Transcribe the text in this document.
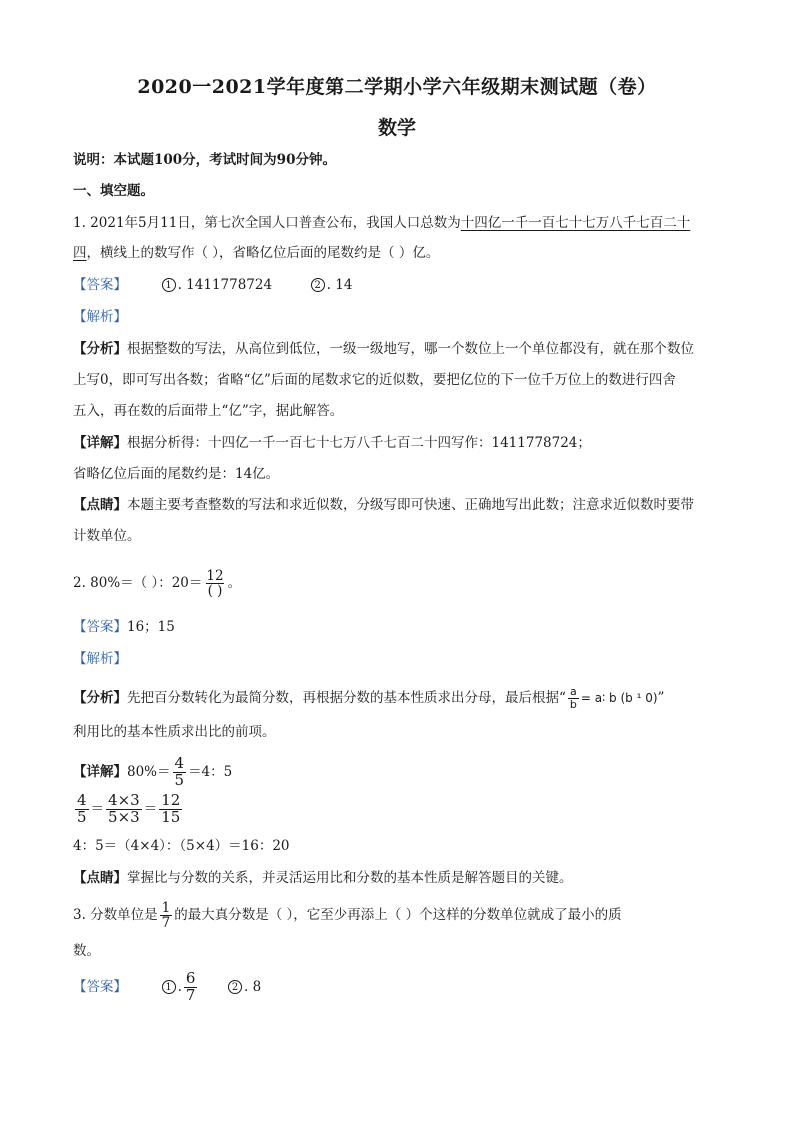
2020一2021学年度第二学期小学六年级期末测试题（卷）
数学
说明：本试题100分，考试时间为90分钟。
一、填空题。
1. 2021年5月11日，第七次全国人口普查公布，我国人口总数为十四亿一千一百七十七万八千七百二十
四，横线上的数写作（ ），省略亿位后面的尾数约是（ ）亿。
【答案】	1 . 1411778724	2 . 14
【解析】
【分析】根据整数的写法，从高位到低位，一级一级地写，哪一个数位上一个单位都没有，就在那个数位
上写0，即可写出各数；省略“亿”后面的尾数求它的近似数，要把亿位的下一位千万位上的数进行四舍
五入，再在数的后面带上“亿”字，据此解答。
【详解】根据分析得：十四亿一千一百七十七万八千七百二十四写作：1411778724；
省略亿位后面的尾数约是：14亿。
【点睛】本题主要考查整数的写法和求近似数，分级写即可快速、正确地写出此数；注意求近似数时要带
计数单位。
2. 80%＝（ ）：$20= \frac{12}{( )}$ 。
【答案】16；15
【解析】
【分析】先把百分数转化为最简分数，再根据分数的基本性质求出分母，最后根据“ $\frac{a}{b}$ = a∶ b (b ¹ 0)”
利用比的基本性质求出比的前项。
【详解】$80\%= \frac{4}{5} =4$：5
$\frac{4}{5} = \frac{4\times 3}{5\times 3} = \frac{12}{15}$
4：5＝（4×4）：（5×4）＝16：20
【点睛】掌握比与分数的关系，并灵活运用比和分数的基本性质是解答题目的关键。
3. 分数单位是 $\frac{1}{7}$ 的最大真分数是（ ），它至少再添上（ ）个这样的分数单位就成了最小的质
数。
【答案】	1 . $\frac{6}{7}$	2 . 8
